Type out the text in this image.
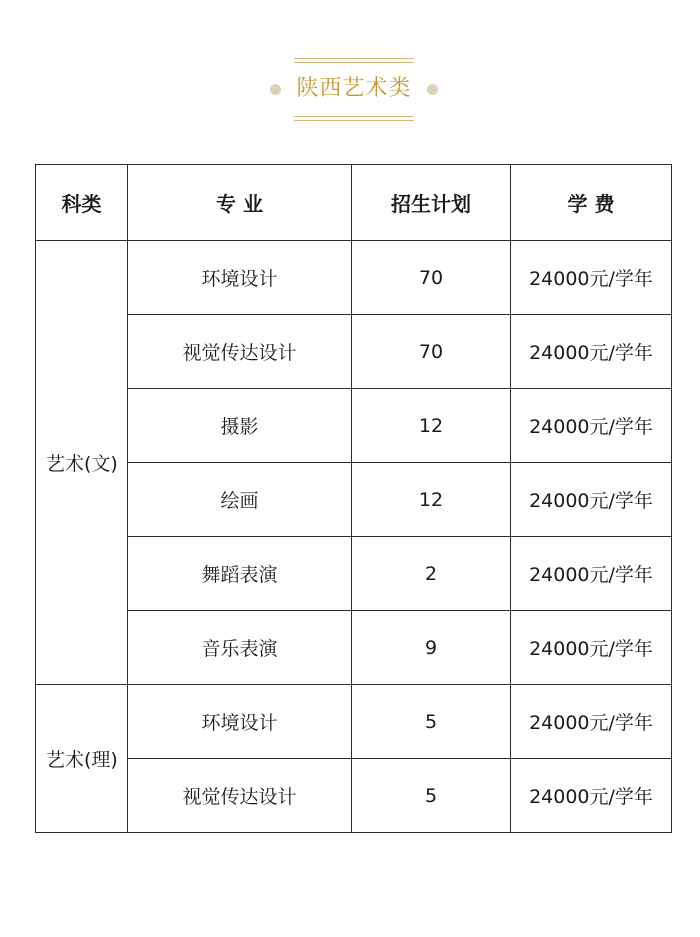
陕西艺术类
科类	专 业	招生计划	学 费
艺术(文)	环境设计	70	24000元/学年
	视觉传达设计	70	24000元/学年
	摄影	12	24000元/学年
	绘画	12	24000元/学年
	舞蹈表演	2	24000元/学年
	音乐表演	9	24000元/学年
艺术(理)	环境设计	5	24000元/学年
	视觉传达设计	5	24000元/学年
